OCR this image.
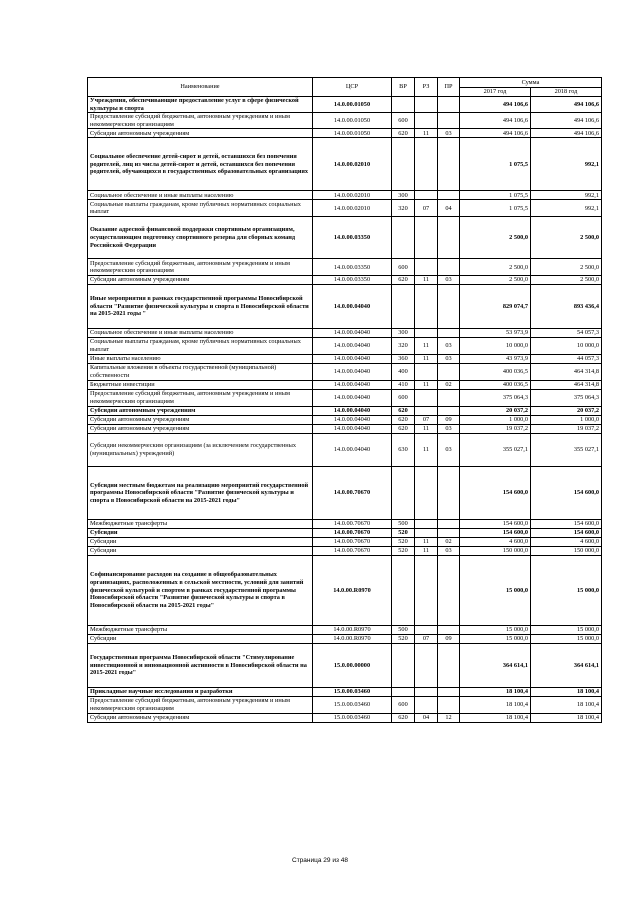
Наименование	ЦСР	ВР	РЗ	ПР	Сумма	
					2017 год	2018 год
Учреждения, обеспечивающие предоставление услуг в сфере физической культуры и спорта	14.0.00.01050				494 106,6	494 106,6
Предоставление субсидий бюджетным, автономным учреждениям и иным некоммерческим организациям	14.0.00.01050	600			494 106,6	494 106,6
Субсидии автономным учреждениям	14.0.00.01050	620	11	03	494 106,6	494 106,6
Социальное обеспечение детей-сирот и детей, оставшихся без попечения родителей, лиц из числа детей-сирот и детей, оставшихся без попечения родителей, обучающихся в государственных образовательных организациях	14.0.00.02010				1 075,5	992,1
Социальное обеспечение и иные выплаты населению	14.0.00.02010	300			1 075,5	992,1
Социальные выплаты гражданам, кроме публичных нормативных социальных выплат	14.0.00.02010	320	07	04	1 075,5	992,1
Оказание адресной финансовой поддержки спортивным организациям, осуществляющим подготовку спортивного резерва для сборных команд Российской Федерации	14.0.00.03350				2 500,0	2 500,0
Предоставление субсидий бюджетным, автономным учреждениям и иным некоммерческим организациям	14.0.00.03350	600			2 500,0	2 500,0
Субсидии автономным учреждениям	14.0.00.03350	620	11	03	2 500,0	2 500,0
Иные мероприятия в рамках государственной программы Новосибирской области "Развитие физической культуры и спорта в Новосибирской области на 2015-2021 годы "	14.0.00.04040				829 074,7	893 436,4
Социальное обеспечение и иные выплаты населению	14.0.00.04040	300			53 973,9	54 057,3
Социальные выплаты гражданам, кроме публичных нормативных социальных выплат	14.0.00.04040	320	11	03	10 000,0	10 000,0
Иные выплаты населению	14.0.00.04040	360	11	03	43 973,9	44 057,3
Капитальные вложения в объекты государственной (муниципальной) собственности	14.0.00.04040	400			400 036,5	464 314,8
Бюджетные инвестиции	14.0.00.04040	410	11	02	400 036,5	464 314,8
Предоставление субсидий бюджетным, автономным учреждениям и иным некоммерческим организациям	14.0.00.04040	600			375 064,3	375 064,3
Субсидии автономным учреждениям	14.0.00.04040	620			20 037,2	20 037,2
Субсидии автономным учреждениям	14.0.00.04040	620	07	09	1 000,0	1 000,0
Субсидии автономным учреждениям	14.0.00.04040	620	11	03	19 037,2	19 037,2
Субсидии некоммерческим организациям (за исключением государственных (муниципальных) учреждений)	14.0.00.04040	630	11	03	355 027,1	355 027,1
Субсидии местным бюджетам на реализацию мероприятий государственной программы Новосибирской области "Развитие физической культуры и спорта в Новосибирской области на 2015-2021 годы"	14.0.00.70670				154 600,0	154 600,0
Межбюджетные трансферты	14.0.00.70670	500			154 600,0	154 600,0
Субсидии	14.0.00.70670	520			154 600,0	154 600,0
Субсидии	14.0.00.70670	520	11	02	4 600,0	4 600,0
Субсидии	14.0.00.70670	520	11	03	150 000,0	150 000,0
Софинансирование расходов на создание в общеобразовательных организациях, расположенных в сельской местности, условий для занятий физической культурой и спортом в рамках государственной программы Новосибирской области "Развитие физической культуры и спорта в Новосибирской области на 2015-2021 годы"	14.0.00.R0970				15 000,0	15 000,0
Межбюджетные трансферты	14.0.00.R0970	500			15 000,0	15 000,0
Субсидии	14.0.00.R0970	520	07	09	15 000,0	15 000,0
Государственная программа Новосибирской области "Стимулирование инвестиционной и инновационной активности в Новосибирской области на 2015-2021 годы"	15.0.00.00000				364 614,1	364 614,1
Прикладные научные исследования и разработки	15.0.00.03460				18 100,4	18 100,4
Предоставление субсидий бюджетным, автономным учреждениям и иным некоммерческим организациям	15.0.00.03460	600			18 100,4	18 100,4
Субсидии автономным учреждениям	15.0.00.03460	620	04	12	18 100,4	18 100,4
Страница 29 из 48
